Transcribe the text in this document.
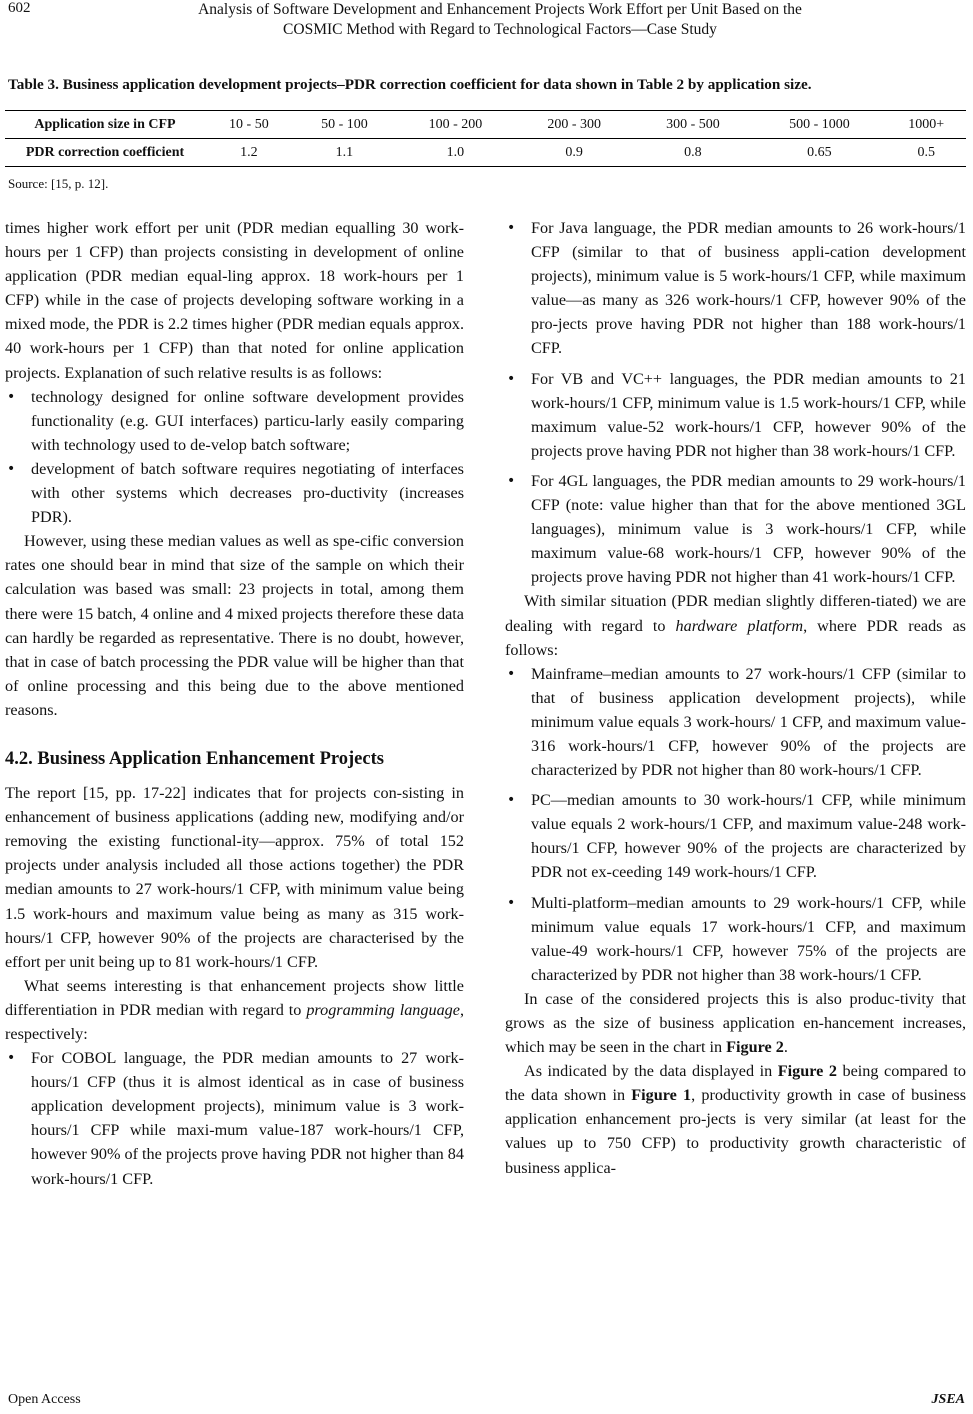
602	Analysis of Software Development and Enhancement Projects Work Effort per Unit Based on the
COSMIC Method with Regard to Technological Factors—Case Study
Table 3. Business application development projects–PDR correction coefficient for data shown in Table 2 by application size.
Application size in CFP	10 - 50	50 - 100	100 - 200	200 - 300	300 - 500	500 - 1000	1000+
PDR correction coefficient	1.2	1.1	1.0	0.9	0.8	0.65	0.5
Source: [15, p. 12].

times higher work effort per unit (PDR median equalling 30 work-hours per 1 CFP) than projects consisting in development of online application (PDR median equal-ling approx. 18 work-hours per 1 CFP) while in the case of projects developing software working in a mixed mode, the PDR is 2.2 times higher (PDR median equals approx. 40 work-hours per 1 CFP) than that noted for online application projects. Explanation of such relative results is as follows:

• technology designed for online software development provides functionality (e.g. GUI interfaces) particu-larly easily comparing with technology used to de-velop batch software;
• development of batch software requires negotiating of interfaces with other systems which decreases pro-ductivity (increases PDR).

However, using these median values as well as spe-cific conversion rates one should bear in mind that size of the sample on which their calculation was based was small: 23 projects in total, among them there were 15 batch, 4 online and 4 mixed projects therefore these data can hardly be regarded as representative. There is no doubt, however, that in case of batch processing the PDR value will be higher than that of online processing and this being due to the above mentioned reasons.

4.2. Business Application Enhancement Projects

The report [15, pp. 17-22] indicates that for projects con-sisting in enhancement of business applications (adding new, modifying and/or removing the existing functional-ity—approx. 75% of total 152 projects under analysis included all those actions together) the PDR median amounts to 27 work-hours/1 CFP, with minimum value being 1.5 work-hours and maximum value being as many as 315 work-hours/1 CFP, however 90% of the projects are characterised by the effort per unit being up to 81 work-hours/1 CFP.

What seems interesting is that enhancement projects show little differentiation in PDR median with regard to programming language, respectively:

• For COBOL language, the PDR median amounts to 27 work-hours/1 CFP (thus it is almost identical as in case of business application development projects), minimum value is 3 work-hours/1 CFP while maxi-mum value-187 work-hours/1 CFP, however 90% of the projects prove having PDR not higher than 84 work-hours/1 CFP.
• For Java language, the PDR median amounts to 26 work-hours/1 CFP (similar to that of business appli-cation development projects), minimum value is 5 work-hours/1 CFP, while maximum value—as many as 326 work-hours/1 CFP, however 90% of the pro-jects prove having PDR not higher than 188 work-hours/1 CFP.
• For VB and VC++ languages, the PDR median amounts to 21 work-hours/1 CFP, minimum value is 1.5 work-hours/1 CFP, while maximum value-52 work-hours/1 CFP, however 90% of the projects prove having PDR not higher than 38 work-hours/1 CFP.
• For 4GL languages, the PDR median amounts to 29 work-hours/1 CFP (note: value higher than that for the above mentioned 3GL languages), minimum value is 3 work-hours/1 CFP, while maximum value-68 work-hours/1 CFP, however 90% of the projects prove having PDR not higher than 41 work-hours/1 CFP.

With similar situation (PDR median slightly differen-tiated) we are dealing with regard to hardware platform, where PDR reads as follows:

• Mainframe–median amounts to 27 work-hours/1 CFP (similar to that of business application development projects), while minimum value equals 3 work-hours/ 1 CFP, and maximum value-316 work-hours/1 CFP, however 90% of the projects are characterized by PDR not higher than 80 work-hours/1 CFP.
• PC—median amounts to 30 work-hours/1 CFP, while minimum value equals 2 work-hours/1 CFP, and maximum value-248 work-hours/1 CFP, however 90% of the projects are characterized by PDR not ex-ceeding 149 work-hours/1 CFP.
• Multi-platform–median amounts to 29 work-hours/1 CFP, while minimum value equals 17 work-hours/1 CFP, and maximum value-49 work-hours/1 CFP, however 75% of the projects are characterized by PDR not higher than 38 work-hours/1 CFP.

In case of the considered projects this is also produc-tivity that grows as the size of business application en-hancement increases, which may be seen in the chart in Figure 2.

As indicated by the data displayed in Figure 2 being compared to the data shown in Figure 1, productivity growth in case of business application enhancement pro-jects is very similar (at least for the values up to 750 CFP) to productivity growth characteristic of business applica-

Open Access	JSEA
